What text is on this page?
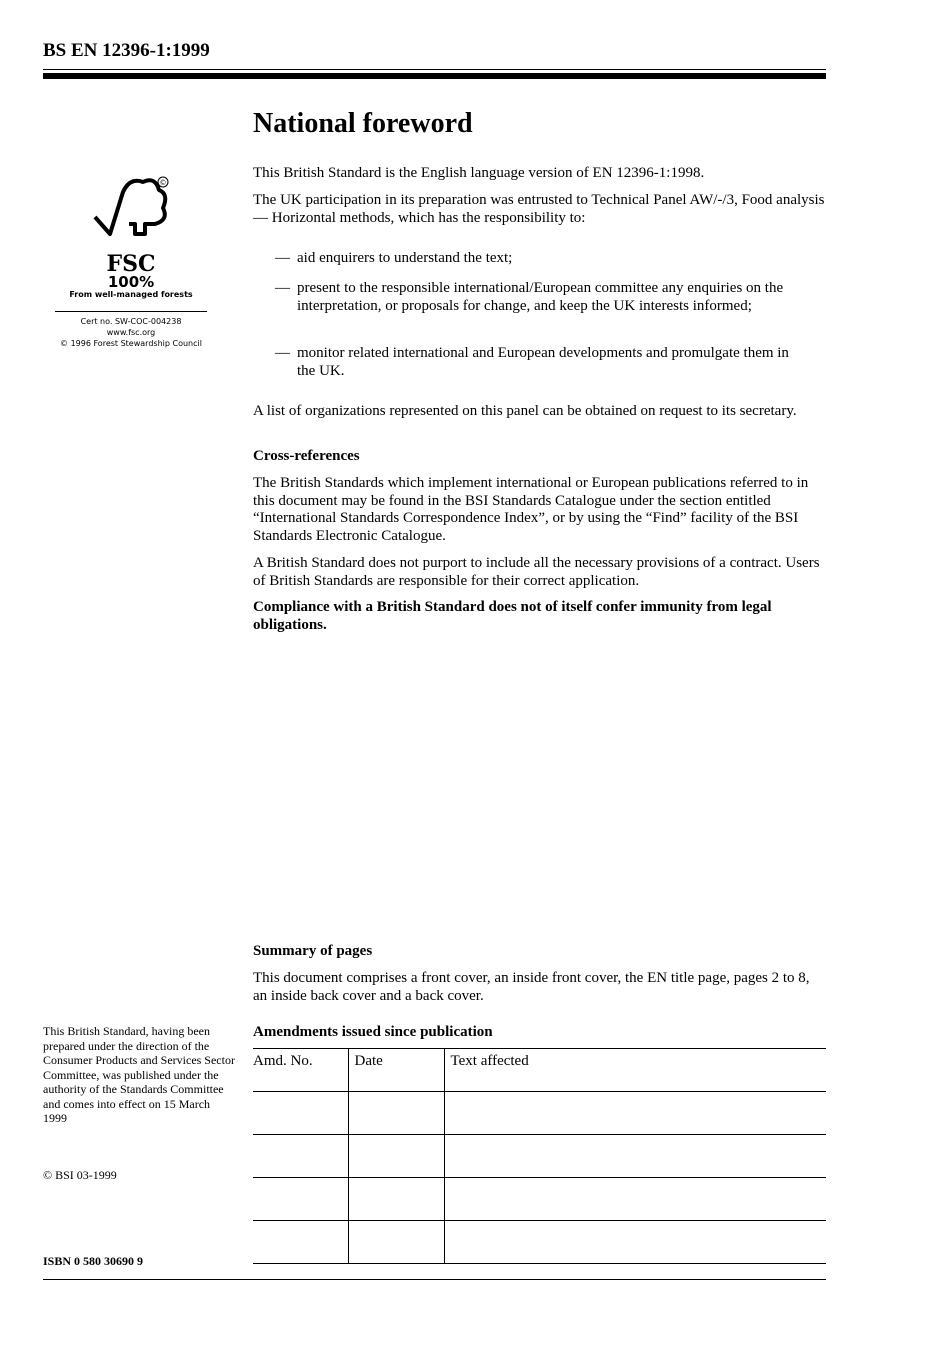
BS EN 12396-1:1999
National foreword
©
FSC
100%
From well-managed forests
Cert no. SW-COC-004238
www.fsc.org
© 1996 Forest Stewardship Council

This British Standard is the English language version of EN 12396-1:1998.

The UK participation in its preparation was entrusted to Technical Panel AW/-/3, Food analysis — Horizontal methods, which has the responsibility to:

— aid enquirers to understand the text;
— present to the responsible international/European committee any enquiries on the interpretation, or proposals for change, and keep the UK interests informed;
— monitor related international and European developments and promulgate them in the UK.

A list of organizations represented on this panel can be obtained on request to its secretary.

Cross-references

The British Standards which implement international or European publications referred to in this document may be found in the BSI Standards Catalogue under the section entitled “International Standards Correspondence Index”, or by using the “Find” facility of the BSI Standards Electronic Catalogue.

A British Standard does not purport to include all the necessary provisions of a contract. Users of British Standards are responsible for their correct application.

Compliance with a British Standard does not of itself confer immunity from legal obligations.

Summary of pages

This document comprises a front cover, an inside front cover, the EN title page, pages 2 to 8, an inside back cover and a back cover.

Amendments issued since publication

Amd. No.	Date	Text affected

This British Standard, having been prepared under the direction of the Consumer Products and Services Sector Committee, was published under the authority of the Standards Committee and comes into effect on 15 March 1999

© BSI 03-1999

ISBN 0 580 30690 9
